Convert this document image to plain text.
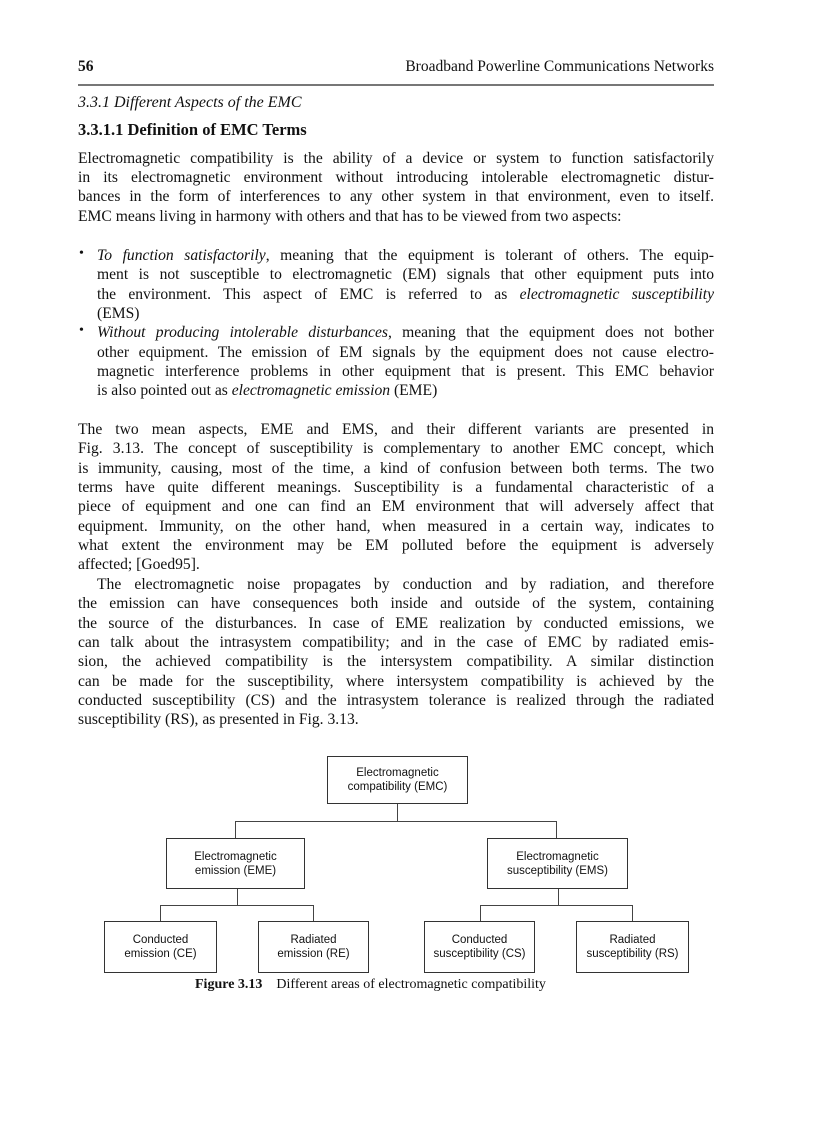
56	Broadband Powerline Communications Networks
3.3.1 Different Aspects of the EMC
3.3.1.1 Definition of EMC Terms
Electromagnetic compatibility is the ability of a device or system to function satisfactorily
in its electromagnetic environment without introducing intolerable electromagnetic distur-
bances in the form of interferences to any other system in that environment, even to itself.
EMC means living in harmony with others and that has to be viewed from two aspects:
To function satisfactorily, meaning that the equipment is tolerant of others. The equip-
ment is not susceptible to electromagnetic (EM) signals that other equipment puts into
the environment. This aspect of EMC is referred to as electromagnetic susceptibility
(EMS)
Without producing intolerable disturbances, meaning that the equipment does not bother
other equipment. The emission of EM signals by the equipment does not cause electro-
magnetic interference problems in other equipment that is present. This EMC behavior
is also pointed out as electromagnetic emission (EME)
The two mean aspects, EME and EMS, and their different variants are presented in
Fig. 3.13. The concept of susceptibility is complementary to another EMC concept, which
is immunity, causing, most of the time, a kind of confusion between both terms. The two
terms have quite different meanings. Susceptibility is a fundamental characteristic of a
piece of equipment and one can find an EM environment that will adversely affect that
equipment. Immunity, on the other hand, when measured in a certain way, indicates to
what extent the environment may be EM polluted before the equipment is adversely
affected; [Goed95].
The electromagnetic noise propagates by conduction and by radiation, and therefore
the emission can have consequences both inside and outside of the system, containing
the source of the disturbances. In case of EME realization by conducted emissions, we
can talk about the intrasystem compatibility; and in the case of EMC by radiated emis-
sion, the achieved compatibility is the intersystem compatibility. A similar distinction
can be made for the susceptibility, where intersystem compatibility is achieved by the
conducted susceptibility (CS) and the intrasystem tolerance is realized through the radiated
susceptibility (RS), as presented in Fig. 3.13.
•
•
Electromagnetic
compatibility (EMC)
Electromagnetic
emission (EME)
Electromagnetic
susceptibility (EMS)
Conducted
emission (CE)
Radiated
emission (RE)
Conducted
susceptibility (CS)
Radiated
susceptibility (RS)
Figure 3.13 Different areas of electromagnetic compatibility
